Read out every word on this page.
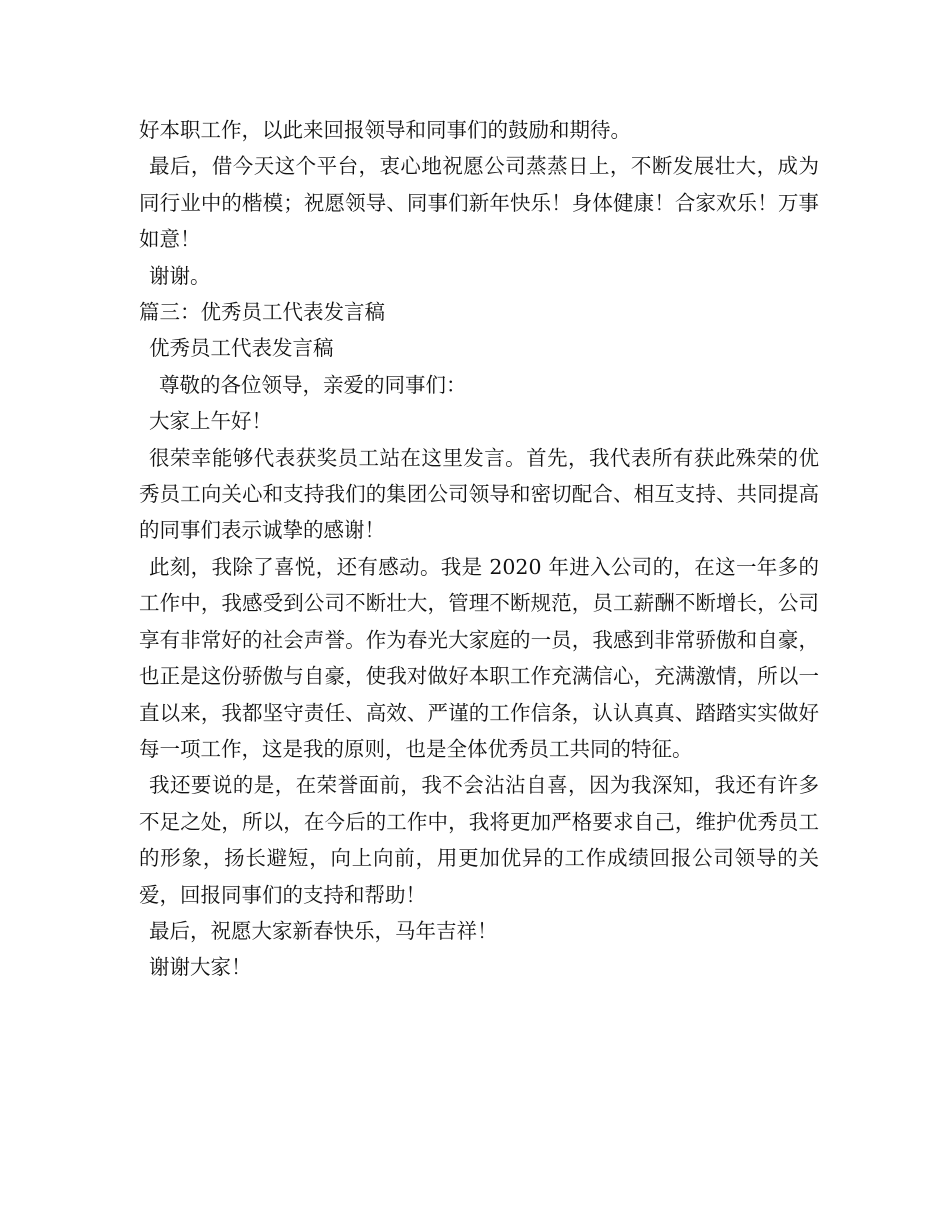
好本职工作，以此来回报领导和同事们的鼓励和期待。

最后，借今天这个平台，衷心地祝愿公司蒸蒸日上，不断发展壮大，成为同行业中的楷模；祝愿领导、同事们新年快乐！身体健康！合家欢乐！万事如意！

谢谢。

篇三：优秀员工代表发言稿

优秀员工代表发言稿

尊敬的各位领导，亲爱的同事们：

大家上午好！

很荣幸能够代表获奖员工站在这里发言。首先，我代表所有获此殊荣的优秀员工向关心和支持我们的集团公司领导和密切配合、相互支持、共同提高的同事们表示诚挚的感谢！

此刻，我除了喜悦，还有感动。我是 2020 年进入公司的，在这一年多的工作中，我感受到公司不断壮大，管理不断规范，员工薪酬不断增长，公司享有非常好的社会声誉。作为春光大家庭的一员，我感到非常骄傲和自豪，也正是这份骄傲与自豪，使我对做好本职工作充满信心，充满激情，所以一直以来，我都坚守责任、高效、严谨的工作信条，认认真真、踏踏实实做好每一项工作，这是我的原则，也是全体优秀员工共同的特征。

我还要说的是，在荣誉面前，我不会沾沾自喜，因为我深知，我还有许多不足之处，所以，在今后的工作中，我将更加严格要求自己，维护优秀员工的形象，扬长避短，向上向前，用更加优异的工作成绩回报公司领导的关爱，回报同事们的支持和帮助！

最后，祝愿大家新春快乐，马年吉祥！

谢谢大家！
